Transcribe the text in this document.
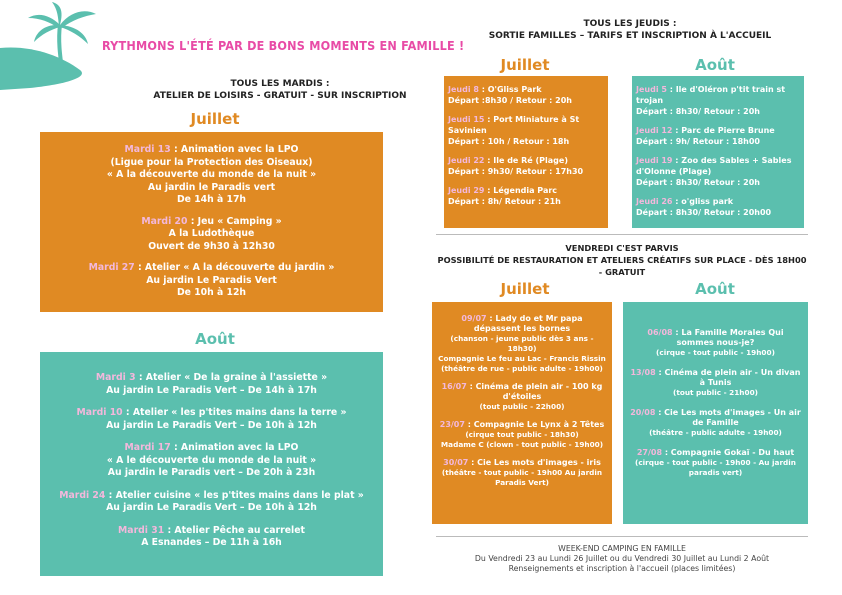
RYTHMONS L'ÉTÉ PAR DE BONS MOMENTS EN FAMILLE !
TOUS LES MARDIS :
ATELIER DE LOISIRS - GRATUIT - SUR INSCRIPTION
Juillet
Mardi 13 : Animation avec la LPO
(Ligue pour la Protection des Oiseaux)
« A la découverte du monde de la nuit »
Au jardin le Paradis vert
De 14h à 17h
Mardi 20 : Jeu « Camping »
A la Ludothèque
Ouvert de 9h30 à 12h30
Mardi 27 : Atelier « A la découverte du jardin »
Au jardin Le Paradis Vert
De 10h à 12h
Août
Mardi 3 : Atelier « De la graine à l'assiette »
Au jardin Le Paradis Vert – De 14h à 17h
Mardi 10 : Atelier « les p'tites mains dans la terre »
Au jardin Le Paradis Vert – De 10h à 12h
Mardi 17 : Animation avec la LPO
« A le découverte du monde de la nuit »
Au jardin le Paradis vert – De 20h à 23h
Mardi 24 : Atelier cuisine « les p'tites mains dans le plat »
Au jardin Le Paradis Vert – De 10h à 12h
Mardi 31 : Atelier Pêche au carrelet
A Esnandes – De 11h à 16h
TOUS LES JEUDIS :
SORTIE FAMILLES – TARIFS ET INSCRIPTION À L'ACCUEIL
Jeudi 8 : O'Gliss Park
Départ :8h30 / Retour : 20h
Jeudi 15 : Port Miniature à St Savinien
Départ : 10h / Retour : 18h
Jeudi 22 : Ile de Ré (Plage)
Départ : 9h30/ Retour : 17h30
Jeudi 29 : Légendia Parc
Départ : 8h/ Retour : 21h
Juillet
Jeudi 5 : Ile d'Oléron p'tit train st trojan
Départ : 8h30/ Retour : 20h
Jeudi 12 : Parc de Pierre Brune
Départ : 9h/ Retour : 18h00
Jeudi 19 : Zoo des Sables + Sables d'Olonne (Plage)
Départ : 8h30/ Retour : 20h
Jeudi 26 : o'gliss park
Départ : 8h30/ Retour : 20h00
Août
VENDREDI C'EST PARVIS
POSSIBILITÉ DE RESTAURATION ET ATELIERS CRÉATIFS SUR PLACE - DÈS 18H00 - GRATUIT
Juillet	Août
09/07 : Lady do et Mr papa dépassent les bornes
(chanson - jeune public dès 3 ans - 18h30)
Compagnie Le feu au Lac - Francis Rissin
(théâtre de rue - public adulte - 19h00)
16/07 : Cinéma de plein air - 100 kg d'étoiles
(tout public - 22h00)
23/07 : Compagnie Le Lynx à 2 Têtes
(cirque tout public - 18h30)
Madame C (clown - tout public - 19h00)
30/07 : Cie Les mots d'images - iris
(théâtre - tout public - 19h00 Au jardin Paradis Vert)
06/08 : La Famille Morales Qui sommes nous-je?
(cirque - tout public - 19h00)
13/08 : Cinéma de plein air - Un divan à Tunis
(tout public - 21h00)
20/08 : Cie Les mots d'images - Un air de Famille
(théâtre - public adulte - 19h00)
27/08 : Compagnie Gokaï - Du haut
(cirque - tout public - 19h00 - Au jardin paradis vert)
WEEK-END CAMPING EN FAMILLE
Du Vendredi 23 au Lundi 26 Juillet ou du Vendredi 30 Juillet au Lundi 2 Août
Renseignements et inscription à l'accueil (places limitées)
